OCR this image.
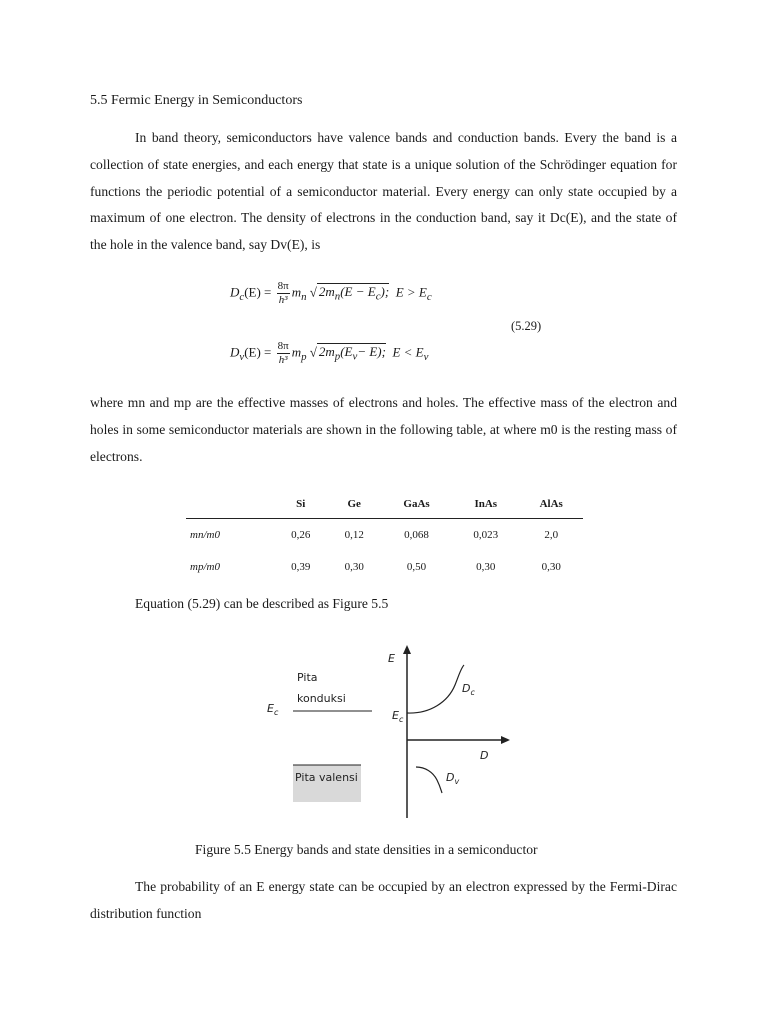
5.5 Fermic Energy in Semiconductors

In band theory, semiconductors have valence bands and conduction bands. Every the band is a collection of state energies, and each energy that state is a unique solution of the Schrödinger equation for functions the periodic potential of a semiconductor material. Every energy can only state occupied by a maximum of one electron. The density of electrons in the conduction band, say it Dc(E), and the state of the hole in the valence band, say Dv(E), is

$D_c(E) = \frac{8\pi}{\text{h³}} m_n$ √ $2m_n(E - E_c)$; $E > E_c$
(5.29)
$D_v(E) = \frac{8\pi}{\text{h³}} m_p$ √ $2m_p(E_v- E)$; $E < E_v$

where mn and mp are the effective masses of electrons and holes. The effective mass of the electron and holes in some semiconductor materials are shown in the following table, at where m0 is the resting mass of electrons.

	Si	Ge	GaAs	InAs	AlAs
mn/m0	0,26	0,12	0,068	0,023	2,0
mp/m0	0,39	0,30	0,50	0,30	0,30

Equation (5.29) can be described as Figure 5.5

E
D
Pita
konduksi
Pita valensi
$E_c$	$E_c$
$D_c$
$D_v$

Figure 5.5 Energy bands and state densities in a semiconductor

The probability of an E energy state can be occupied by an electron expressed by the Fermi-Dirac distribution function
